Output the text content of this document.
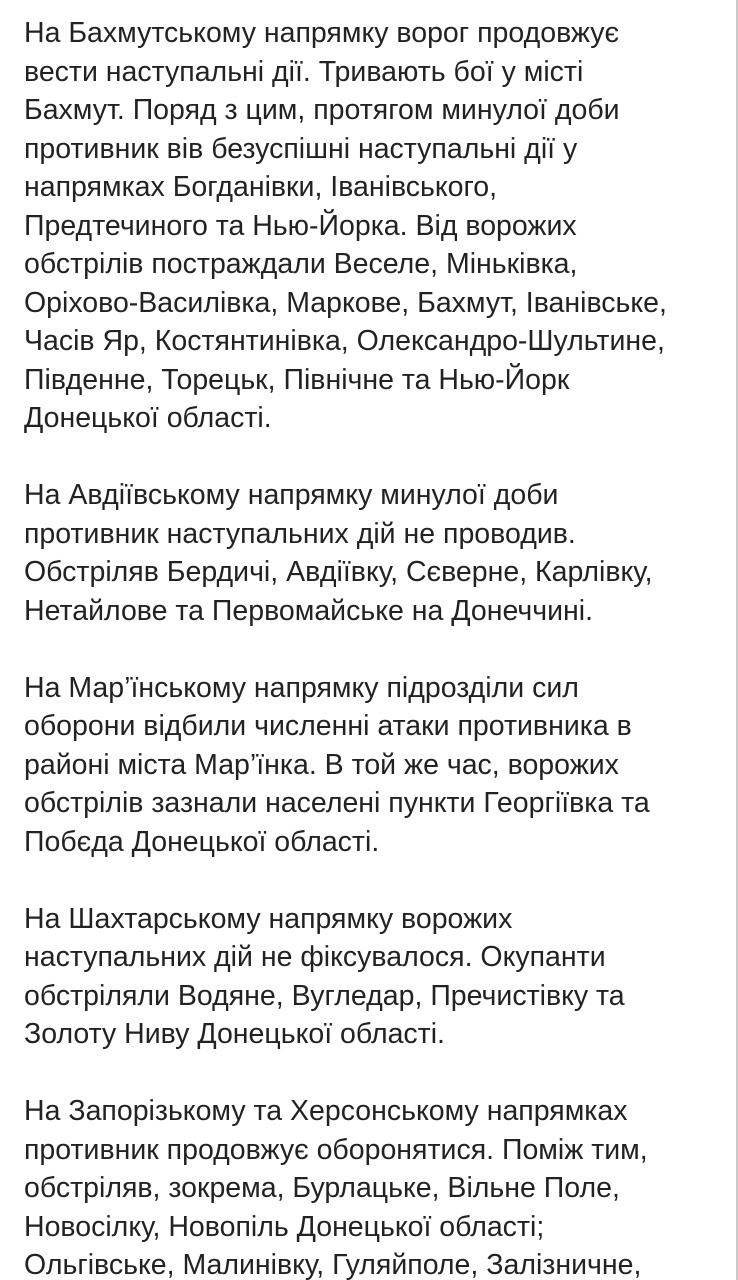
На Бахмутському напрямку ворог продовжує
вести наступальні дії. Тривають бої у місті
Бахмут. Поряд з цим, протягом минулої доби
противник вів безуспішні наступальні дії у
напрямках Богданівки, Іванівського,
Предтечиного та Нью-Йорка. Від ворожих
обстрілів постраждали Веселе, Міньківка,
Оріхово-Василівка, Маркове, Бахмут, Іванівське,
Часів Яр, Костянтинівка, Олександро-Шультине,
Південне, Торецьк, Північне та Нью-Йорк
Донецької області.
На Авдіївському напрямку минулої доби
противник наступальних дій не проводив.
Обстріляв Бердичі, Авдіївку, Сєверне, Карлівку,
Нетайлове та Первомайське на Донеччині.
На Мар’їнському напрямку підрозділи сил
оборони відбили численні атаки противника в
районі міста Мар’їнка. В той же час, ворожих
обстрілів зазнали населені пункти Георгіївка та
Побєда Донецької області.
На Шахтарському напрямку ворожих
наступальних дій не фіксувалося. Окупанти
обстріляли Водяне, Вугледар, Пречистівку та
Золоту Ниву Донецької області.
На Запорізькому та Херсонському напрямках
противник продовжує оборонятися. Поміж тим,
обстріляв, зокрема, Бурлацьке, Вільне Поле,
Новосілку, Новопіль Донецької області;
Ольгівське, Малинівку, Гуляйполе, Залізничне,
